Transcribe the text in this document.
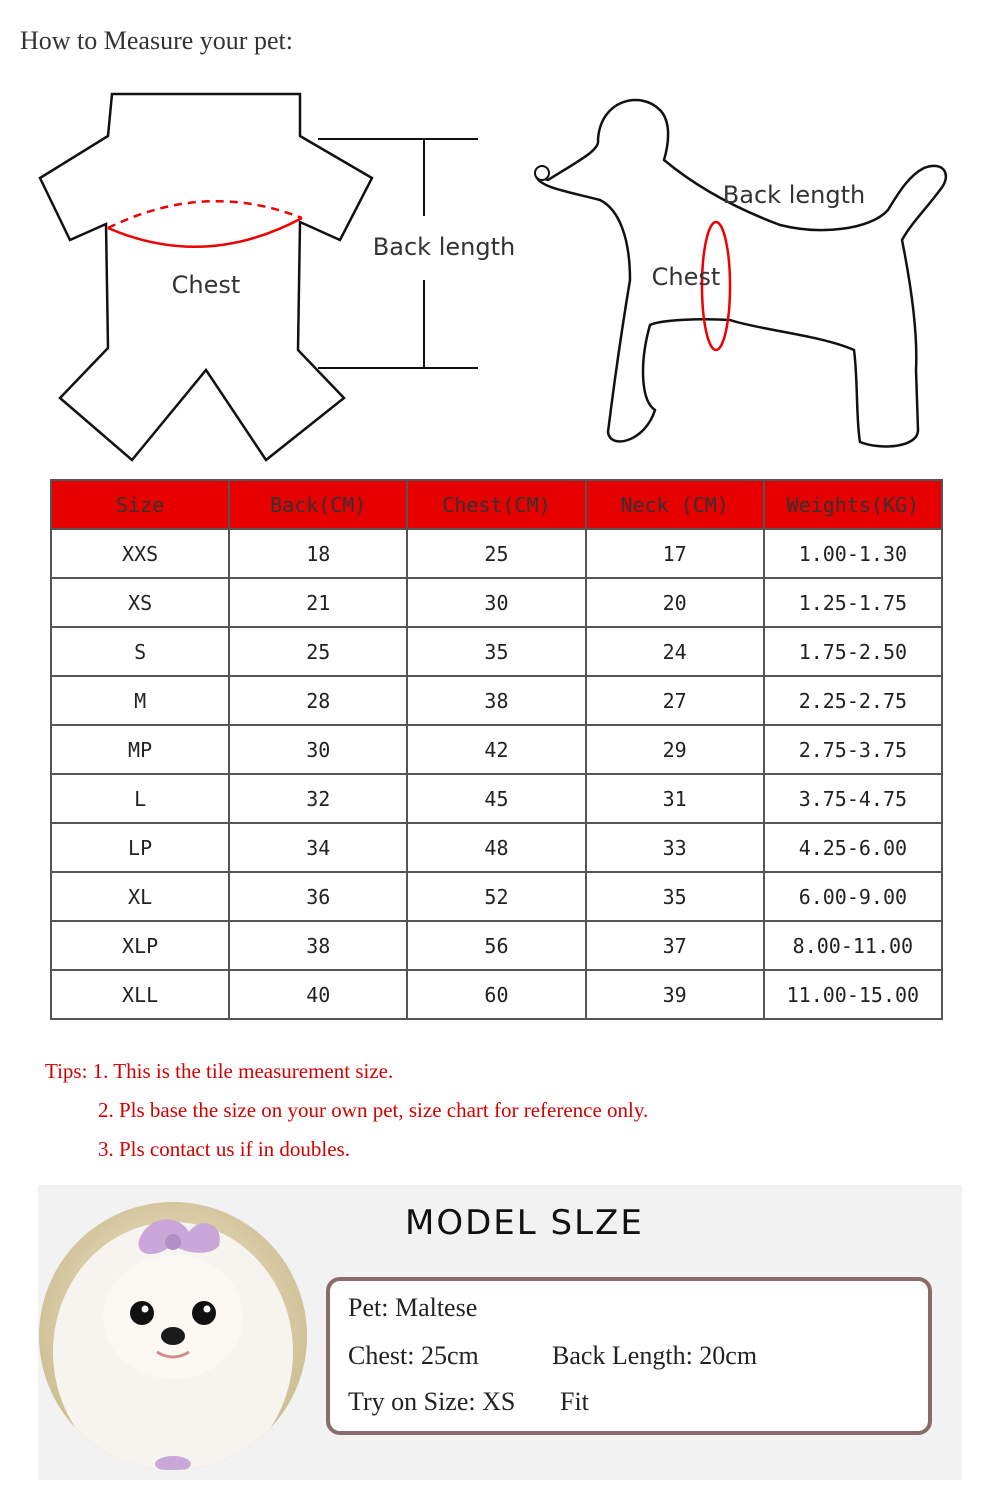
How to Measure your pet:
Chest
Back length
Back length
Chest
Size	Back(CM)	Chest(CM)	Neck (CM)	Weights(KG)
XXS	18	25	17	1.00-1.30
XS	21	30	20	1.25-1.75
S	25	35	24	1.75-2.50
M	28	38	27	2.25-2.75
MP	30	42	29	2.75-3.75
L	32	45	31	3.75-4.75
LP	34	48	33	4.25-6.00
XL	36	52	35	6.00-9.00
XLP	38	56	37	8.00-11.00
XLL	40	60	39	11.00-15.00
Tips: 1. This is the tile measurement size.
2. Pls base the size on your own pet, size chart for reference only.
3. Pls contact us if in doubles.
MODEL SLZE
Pet: Maltese
Chest: 25cm	Back Length: 20cm
Try on Size: XS Fit
